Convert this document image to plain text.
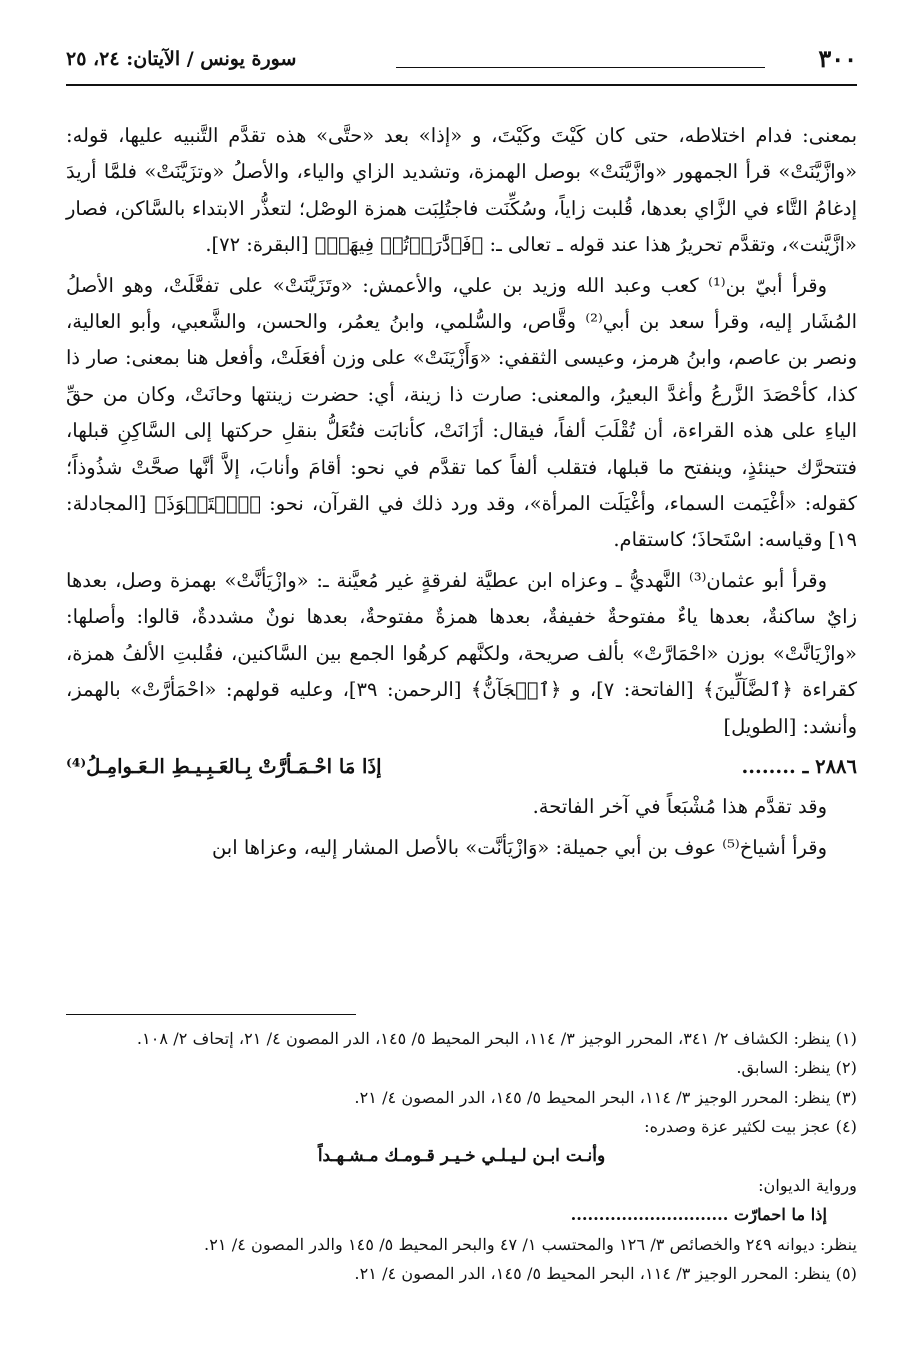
٣٠٠
سورة يونس / الآيتان: ٢٤، ٢٥

بمعنى: فدام اختلاطه، حتى كان كَيْتَ وكَيْتَ، و «إذا» بعد «حتَّى» هذه تقدَّم التَّنبيه عليها، قوله: «وازَّيَّنَتْ» قرأ الجمهور «وازَّيَّنَتْ» بوصل الهمزة، وتشديد الزاي والياء، والأصلُ «وتزَيَّنَتْ» فلمَّا أريدَ إدغامُ التَّاء في الزَّاي بعدها، قُلبت زاياً، وسُكِّنَت فاجتُلِبَت همزة الوصْل؛ لتعذُّر الابتداء بالسَّاكن، فصار «ازَّيَّنت»، وتقدَّم تحريرُ هذا عند قوله ـ تعالى ـ: ﴿فَٱدَّٰرَءۡتُمۡ فِيهَاۖ﴾ [البقرة: ٧٢].

وقرأ أبيّ بن⁽¹⁾ كعب وعبد الله وزيد بن علي، والأعمش: «وتَزَيَّنَتْ» على تفعَّلَتْ، وهو الأصلُ المُشَار إليه، وقرأ سعد بن أبي⁽²⁾ وقَّاص، والسُّلمي، وابنُ يعمُر، والحسن، والشَّعبي، وأبو العالية، ونصر بن عاصم، وابنُ هرمز، وعيسى الثقفي: «وَأَزْيَنَتْ» على وزن أفعَلَتْ، وأفعل هنا بمعنى: صار ذا كذا، كأحْصَدَ الزَّرعُ وأغدَّ البعيرُ، والمعنى: صارت ذا زينة، أي: حضرت زينتها وحانَتْ، وكان من حقِّ الياءِ على هذه القراءة، أن تُقْلَبَ ألفاً، فيقال: أزَانَتْ، كأنابَت فتُعَلُّ بنقلِ حركتها إلى السَّاكِنِ قبلها، فتتحرَّك حينئذٍ، وينفتح ما قبلها، فتقلب ألفاً كما تقدَّم في نحو: أقامَ وأنابَ، إلاَّ أنَّها صحَّتْ شذُوذاً؛ كقوله: «أغْيَمت السماء، وأغْيَلَت المرأة»، وقد ورد ذلك في القرآن، نحو: ﴿ٱسۡتَحۡوَذَ﴾ [المجادلة: ١٩] وقياسه: اسْتَحاذَ؛ كاستقام.

وقرأ أبو عثمان⁽³⁾ النَّهديُّ ـ وعزاه ابن عطيَّة لفرقةٍ غير مُعيَّنة ـ: «وازْيَأنَّتْ» بهمزة وصل، بعدها زايٌ ساكنةٌ، بعدها ياءٌ مفتوحةٌ خفيفةٌ، بعدها همزةٌ مفتوحةٌ، بعدها نونٌ مشددةٌ، قالوا: وأصلها: «وازْيَانَّتْ» بوزن «احْمَارَّتْ» بألف صريحة، ولكنَّهم كرهُوا الجمع بين السَّاكنين، فقُلبتِ الألفُ همزة، كقراءة ﴿ٱلضَّآلِّينَ﴾ [الفاتحة: ٧]، و ﴿ٱلۡجَآنُّ﴾ [الرحمن: ٣٩]، وعليه قولهم: «احْمَأرَّتْ» بالهمز، وأنشد: [الطويل]

٢٨٨٦ ـ ........
إذَا مَا احْـمَـأرَّتْ بِـالعَـبِـيـطِ الـعَـوامِـلُ⁽⁴⁾

وقد تقدَّم هذا مُشْبَعاً في آخر الفاتحة.

وقرأ أشياخ⁽⁵⁾ عوف بن أبي جميلة: «وَازْيَأنَّت» بالأصل المشار إليه، وعزاها ابن

(١) ينظر: الكشاف ٢/ ٣٤١، المحرر الوجيز ٣/ ١١٤، البحر المحيط ٥/ ١٤٥، الدر المصون ٤/ ٢١، إتحاف ٢/ ١٠٨.

(٢) ينظر: السابق.

(٣) ينظر: المحرر الوجيز ٣/ ١١٤، البحر المحيط ٥/ ١٤٥، الدر المصون ٤/ ٢١.

(٤) عجز بيت لكثير عزة وصدره:

وأنـت ابـن لـيـلـي خـيـر قـومـك مـشـهـداً

ورواية الديوان:

إذا ما احمارّت ............................

ينظر: ديوانه ٢٤٩ والخصائص ٣/ ١٢٦ والمحتسب ١/ ٤٧ والبحر المحيط ٥/ ١٤٥ والدر المصون ٤/ ٢١.

(٥) ينظر: المحرر الوجيز ٣/ ١١٤، البحر المحيط ٥/ ١٤٥، الدر المصون ٤/ ٢١.
